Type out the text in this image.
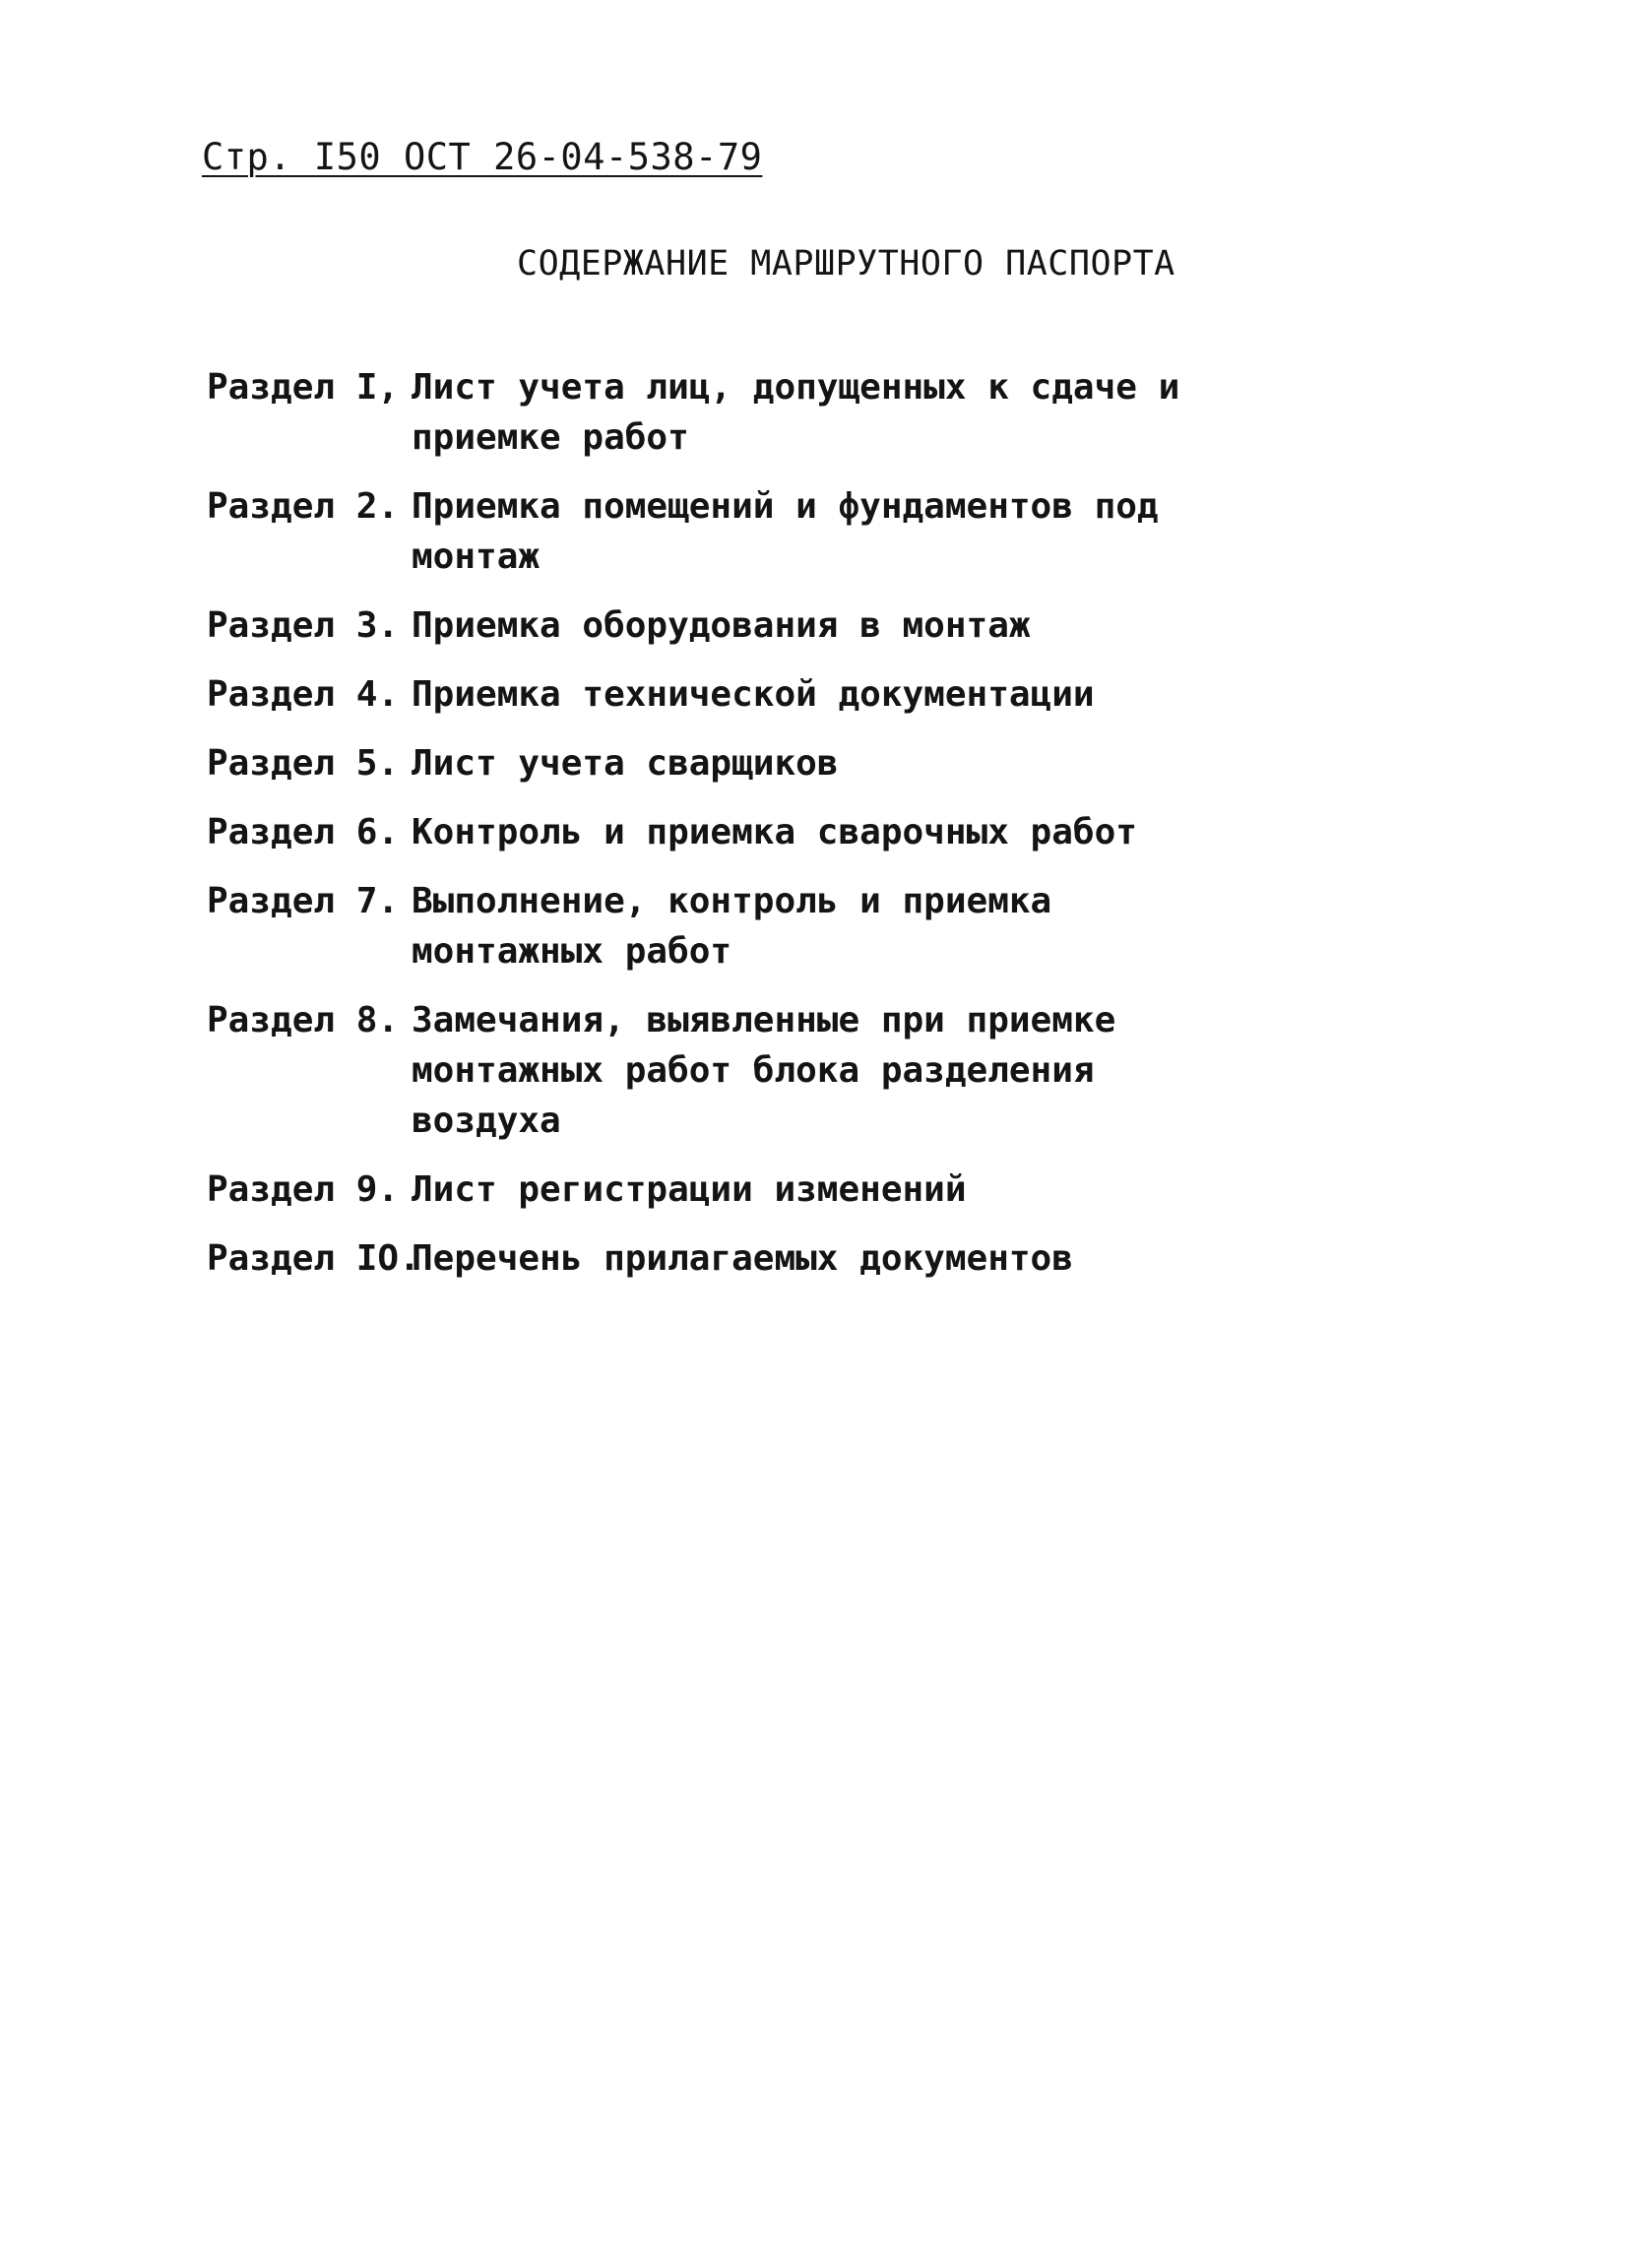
Стр. I50 ОСТ 26-04-538-79
СОДЕРЖАНИЕ МАРШРУТНОГО ПАСПОРТА
Раздел I, Лист учета лиц, допущенных к сдаче и
приемке работ
Раздел 2. Приемка помещений и фундаментов под
монтаж
Раздел 3. Приемка оборудования в монтаж
Раздел 4. Приемка технической документации
Раздел 5. Лист учета сварщиков
Раздел 6. Контроль и приемка сварочных работ
Раздел 7. Выполнение, контроль и приемка
монтажных работ
Раздел 8. Замечания, выявленные при приемке
монтажных работ блока разделения
воздуха
Раздел 9. Лист регистрации изменений
Раздел IO.
Перечень прилагаемых документов
